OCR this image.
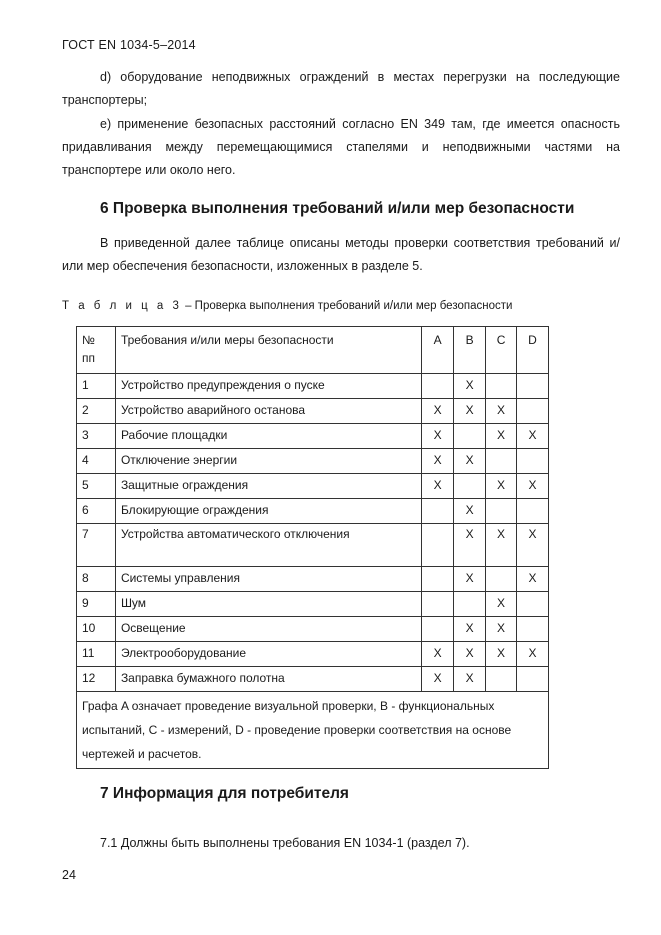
ГОСТ EN 1034-5–2014
d) оборудование неподвижных ограждений в местах перегрузки на последующие транспортеры;
e) применение безопасных расстояний согласно EN 349 там, где имеется опасность придавливания между перемещающимися стапелями и неподвижными частями на транспортере или около него.
6 Проверка выполнения требований и/или мер безопасности
В приведенной далее таблице описаны методы проверки соответствия требований и/или мер обеспечения безопасности, изложенных в разделе 5.
Т а б л и ц а 3 – Проверка выполнения требований и/или мер безопасности
№ пп	Требования и/или меры безопасности	A	B	C	D
1	Устройство предупреждения о пуске		X		
2	Устройство аварийного останова	X	X	X	
3	Рабочие площадки	X		X	X
4	Отключение энергии	X	X		
5	Защитные ограждения	X		X	X
6	Блокирующие ограждения		X		
7	Устройства автоматического отключения		X	X	X
8	Системы управления		X		X
9	Шум			X	
10	Освещение		X	X	
11	Электрооборудование	X	X	X	X
12	Заправка бумажного полотна	X	X		
Графа A означает проведение визуальной проверки, B - функциональных испытаний, C - измерений, D - проведение проверки соответствия на основе чертежей и расчетов.					
7 Информация для потребителя
7.1 Должны быть выполнены требования EN 1034-1 (раздел 7).
24
